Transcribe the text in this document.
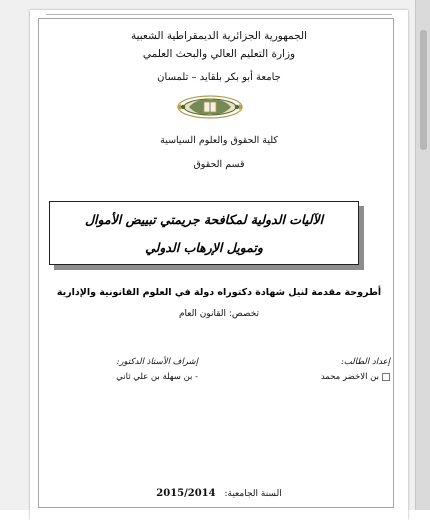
الجمهورية الجزائرية الديمقراطية الشعبية
وزارة التعليم العالي والبحث العلمي
جامعة أبو بكر بلقايد – تلمسان
كلية الحقوق والعلوم السياسية
قسم الحقوق
الآليات الدولية لمكافحة جريمتي تبييض الأموال
وتمويل الإرهاب الدولي
أطروحة مقدمة لنيل شهادة دكتوراه دولة في العلوم القانونية والإدارية
تخصص: القانون العام
إعداد الطالب:
بن الاخضر محمد
إشراف الأستاذ الدكتور:
- بن سهلة بن علي ثاني
2015/2014 السنة الجامعية:
